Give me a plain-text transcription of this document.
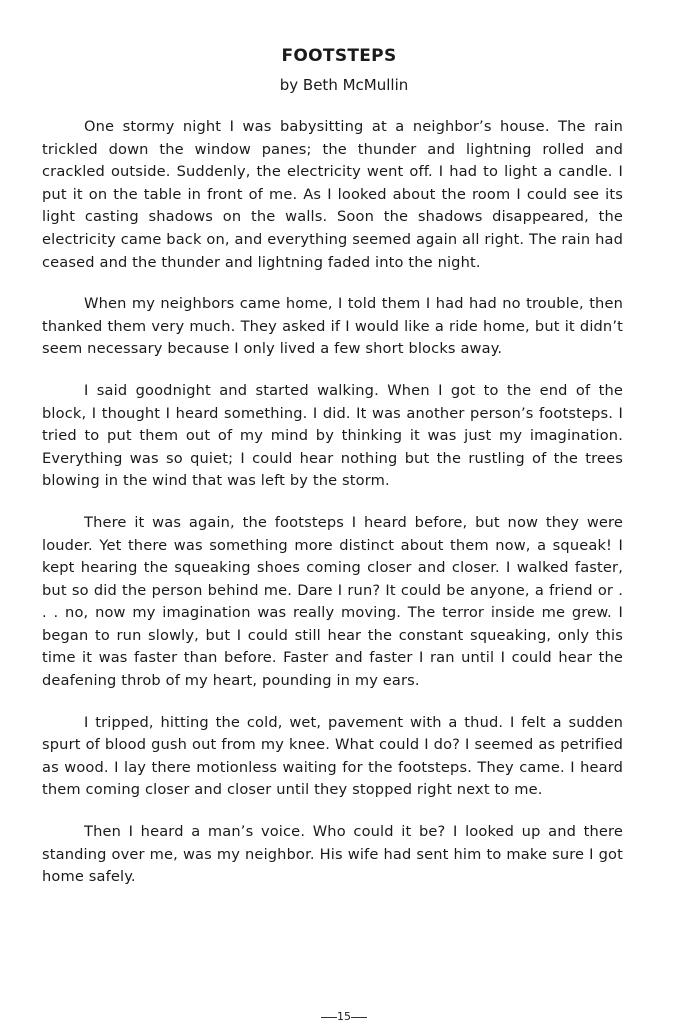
FOOTSTEPS
by Beth McMullin

One stormy night I was babysitting at a neighbor’s house. The rain trickled down the window panes; the thunder and lightning rolled and crackled outside. Suddenly, the electricity went off. I had to light a candle. I put it on the table in front of me. As I looked about the room I could see its light casting shadows on the walls. Soon the shadows disappeared, the electricity came back on, and everything seemed again all right. The rain had ceased and the thunder and lightning faded into the night.

When my neighbors came home, I told them I had had no trouble, then thanked them very much. They asked if I would like a ride home, but it didn’t seem necessary because I only lived a few short blocks away.

I said goodnight and started walking. When I got to the end of the block, I thought I heard something. I did. It was another person’s footsteps. I tried to put them out of my mind by thinking it was just my imagination. Everything was so quiet; I could hear nothing but the rustling of the trees blowing in the wind that was left by the storm.

There it was again, the footsteps I heard before, but now they were louder. Yet there was something more distinct about them now, a squeak! I kept hearing the squeaking shoes coming closer and closer. I walked faster, but so did the person behind me. Dare I run? It could be anyone, a friend or . . . no, now my imagination was really moving. The terror inside me grew. I began to run slowly, but I could still hear the constant squeaking, only this time it was faster than before. Faster and faster I ran until I could hear the deafening throb of my heart, pounding in my ears.

I tripped, hitting the cold, wet, pavement with a thud. I felt a sudden spurt of blood gush out from my knee. What could I do? I seemed as petrified as wood. I lay there motionless waiting for the footsteps. They came. I heard them coming closer and closer until they stopped right next to me.

Then I heard a man’s voice. Who could it be? I looked up and there standing over me, was my neighbor. His wife had sent him to make sure I got home safely.

15
